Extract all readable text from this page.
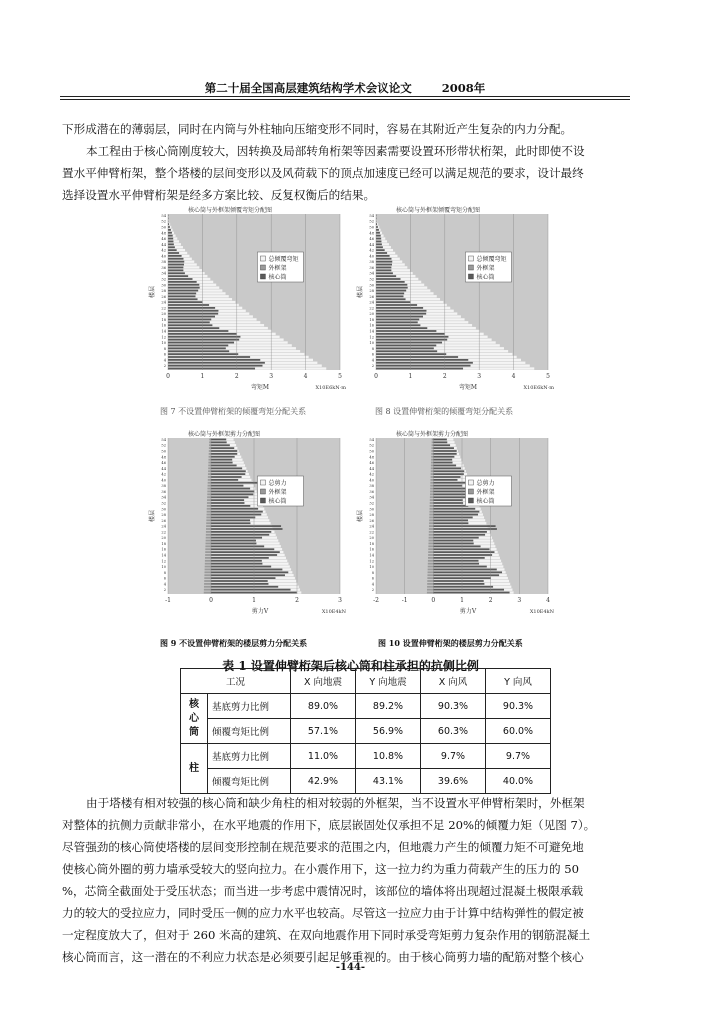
第二十届全国高层建筑结构学术会议论文	2008年

下形成潜在的薄弱层，同时在内筒与外柱轴向压缩变形不同时，容易在其附近产生复杂的内力分配。
本工程由于核心筒刚度较大，因转换及局部转角桁架等因素需要设置环形带状桁架，此时即使不设
置水平伸臂桁架，整个塔楼的层间变形以及风荷载下的顶点加速度已经可以满足规范的要求，设计最终
选择设置水平伸臂桁架是经多方案比较、反复权衡后的结果。

核心筒与外框架倾覆弯矩分配图
0	1	2	3	4	5
2
4
6
8
10
12
14
16
18
20
22
24
26
28
30
32
34
36
38
40
42
44
46
48
50
52
54
楼层
弯矩M	X10E6kN·m
总倾覆弯矩
外框架
核心筒
核心筒与外框架倾覆弯矩分配图
0	1	2	3	4	5
2
4
6
8
10
12
14
16
18
20
22
24
26
28
30
32
34
36
38
40
42
44
46
48
50
52
54
楼层
弯矩M	X10E6kN·m
总倾覆弯矩
外框架
核心筒
核心筒与外框架剪力分配图
-1	0	1	2	3
2
4
6
8
10
12
14
16
18
20
22
24
26
28
30
32
34
36
38
40
42
44
46
48
50
52
54
楼层
剪力V	X10E4kN
总剪力
外框架
核心筒
核心筒与外框架剪力分配图
-2	-1	0	1	2	3	4
2
4
6
8
10
12
14
16
18
20
22
24
26
28
30
32
34
36
38
40
42
44
46
48
50
52
54
楼层
剪力V	X10E4kN
总剪力
外框架
核心筒
图 7 不设置伸臂桁架的倾覆弯矩分配关系	图 8 设置伸臂桁架的倾覆弯矩分配关系
图 9 不设置伸臂桁架的楼层剪力分配关系	图 10 设置伸臂桁架的楼层剪力分配关系
表 1 设置伸臂桁架后核心筒和柱承担的抗侧比例
工况		X 向地震	Y 向地震	X 向风	Y 向风
核
心
筒	基底剪力比例	89.0%	89.2%	90.3%	90.3%
	倾覆弯矩比例	57.1%	56.9%	60.3%	60.0%
柱	基底剪力比例	11.0%	10.8%	9.7%	9.7%
	倾覆弯矩比例	42.9%	43.1%	39.6%	40.0%

由于塔楼有相对较强的核心筒和缺少角柱的相对较弱的外框架，当不设置水平伸臂桁架时，外框架
对整体的抗侧力贡献非常小，在水平地震的作用下，底层嵌固处仅承担不足 20%的倾覆力矩（见图 7）。
尽管强劲的核心筒使塔楼的层间变形控制在规范要求的范围之内，但地震力产生的倾覆力矩不可避免地
使核心筒外圈的剪力墙承受较大的竖向拉力。在小震作用下，这一拉力约为重力荷载产生的压力的 50
%，芯筒全截面处于受压状态；而当进一步考虑中震情况时，该部位的墙体将出现超过混凝土极限承载
力的较大的受拉应力，同时受压一侧的应力水平也较高。尽管这一拉应力由于计算中结构弹性的假定被
一定程度放大了，但对于 260 米高的建筑、在双向地震作用下同时承受弯矩剪力复杂作用的钢筋混凝土
核心筒而言，这一潜在的不利应力状态是必须要引起足够重视的。由于核心筒剪力墙的配筋对整个核心

-144-
